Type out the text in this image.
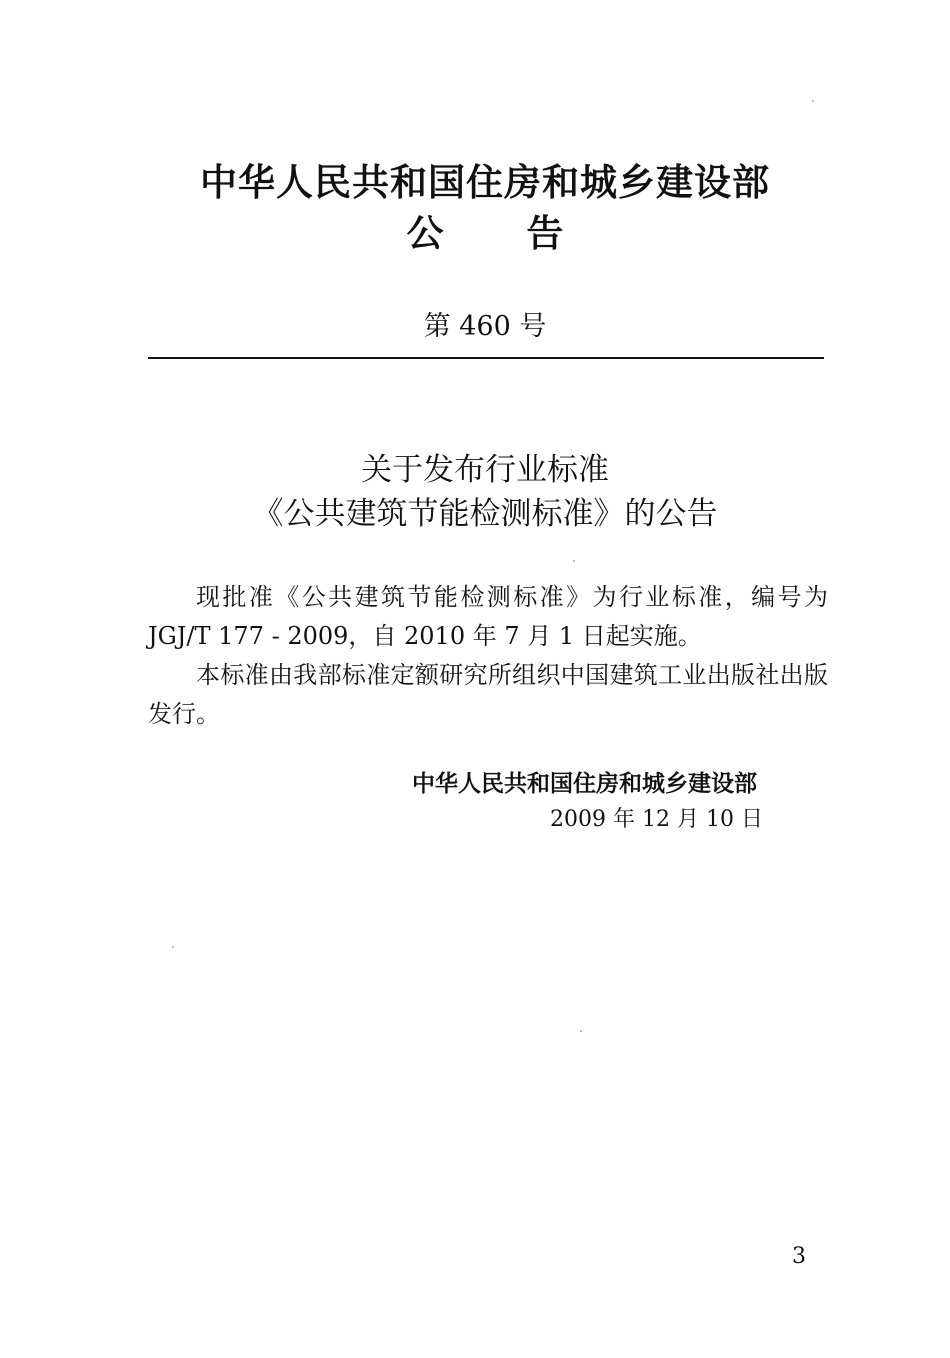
中华人民共和国住房和城乡建设部
公 告
第 460 号
关于发布行业标准
《公共建筑节能检测标准》的公告

现批准《公共建筑节能检测标准》为行业标准，编号为 JGJ/T 177 - 2009，自 2010 年 7 月 1 日起实施。

本标准由我部标准定额研究所组织中国建筑工业出版社出版发行。

中华人民共和国住房和城乡建设部
2009 年 12 月 10 日
3
